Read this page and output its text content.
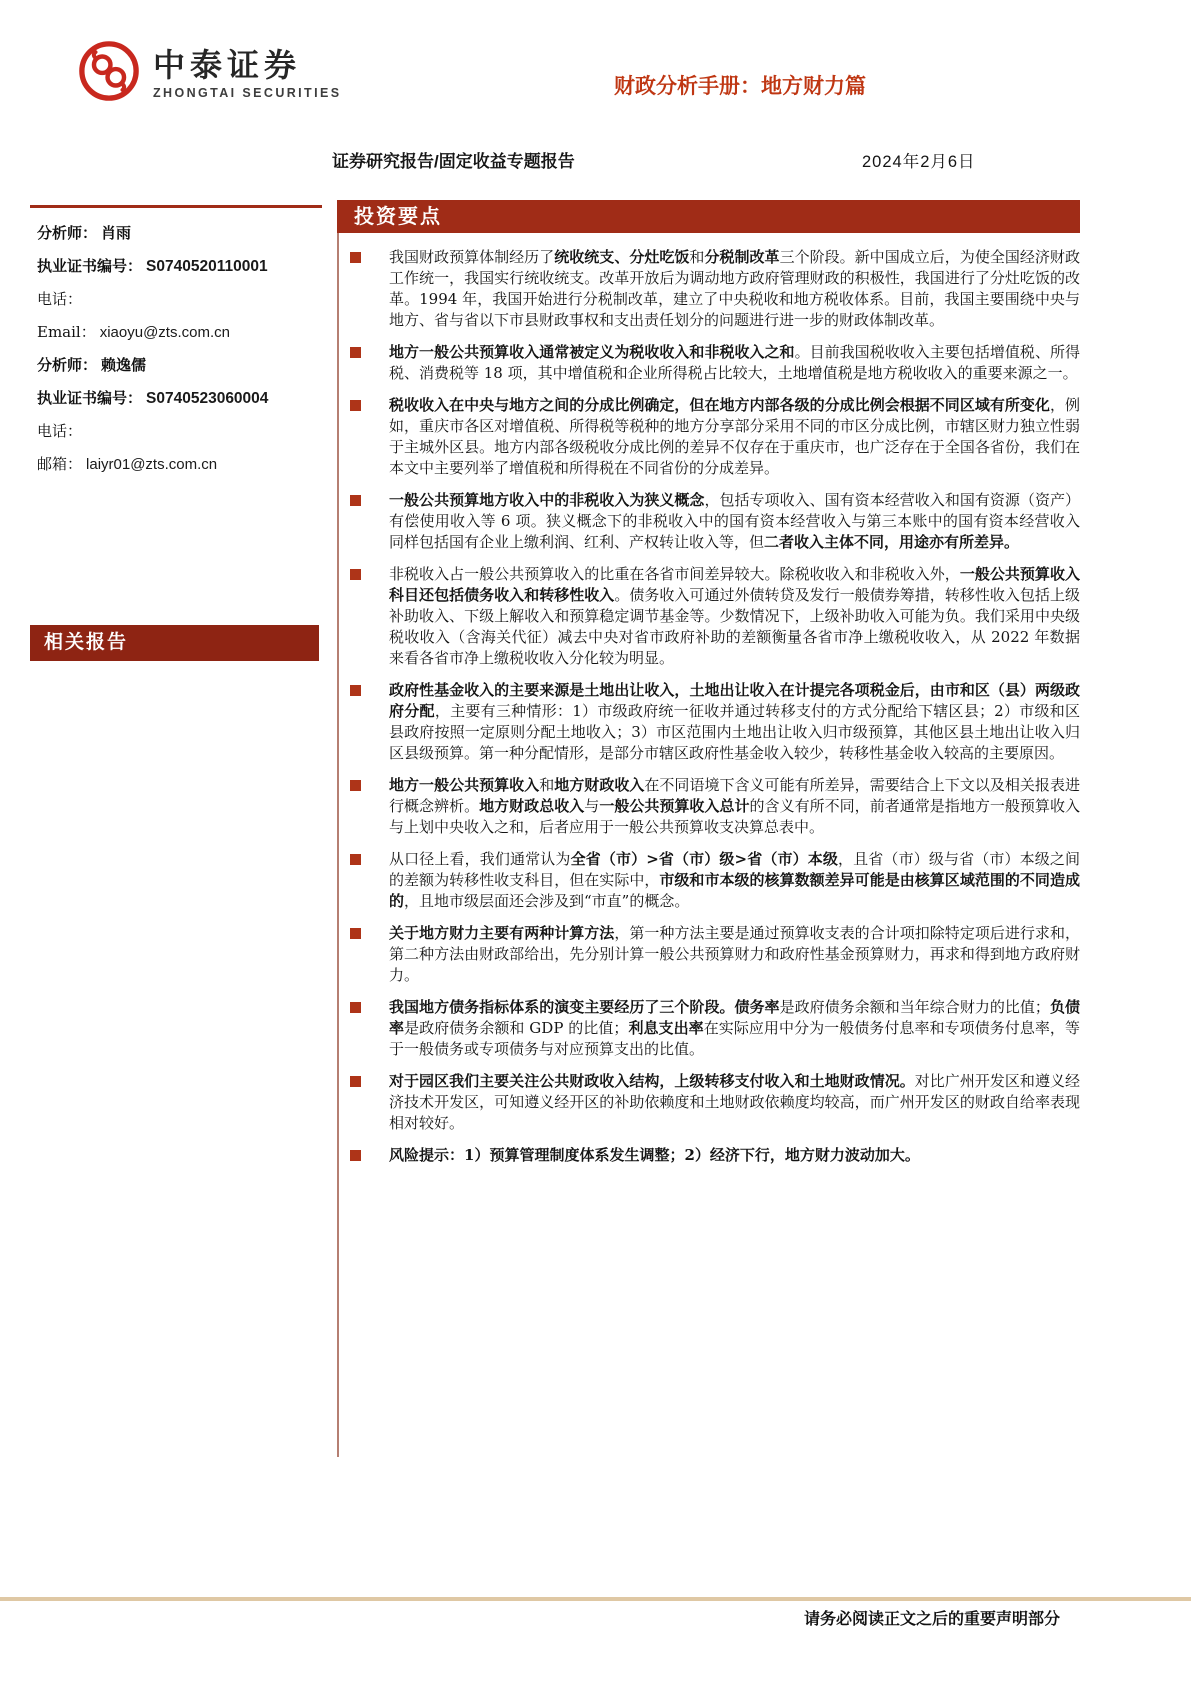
中泰证券
ZHONGTAI SECURITIES	财政分析手册：地方财力篇
证券研究报告/固定收益专题报告	2024年2月6日
分析师： 肖雨
执业证书编号： S0740520110001
电话：
Email： xiaoyu@zts.com.cn
分析师： 赖逸儒
执业证书编号： S0740523060004
电话：
邮箱： laiyr01@zts.com.cn
相关报告
投资要点
我国财政预算体制经历了统收统支、分灶吃饭和分税制改革三个阶段。新中国成立后，为使全国经济财政工作统一，我国实行统收统支。改革开放后为调动地方政府管理财政的积极性，我国进行了分灶吃饭的改革。1994 年，我国开始进行分税制改革，建立了中央税收和地方税收体系。目前，我国主要围绕中央与地方、省与省以下市县财政事权和支出责任划分的问题进行进一步的财政体制改革。
地方一般公共预算收入通常被定义为税收收入和非税收入之和。目前我国税收收入主要包括增值税、所得税、消费税等 18 项，其中增值税和企业所得税占比较大，土地增值税是地方税收收入的重要来源之一。
税收收入在中央与地方之间的分成比例确定，但在地方内部各级的分成比例会根据不同区域有所变化，例如，重庆市各区对增值税、所得税等税种的地方分享部分采用不同的市区分成比例，市辖区财力独立性弱于主城外区县。地方内部各级税收分成比例的差异不仅存在于重庆市，也广泛存在于全国各省份，我们在本文中主要列举了增值税和所得税在不同省份的分成差异。
一般公共预算地方收入中的非税收入为狭义概念，包括专项收入、国有资本经营收入和国有资源（资产）有偿使用收入等 6 项。狭义概念下的非税收入中的国有资本经营收入与第三本账中的国有资本经营收入同样包括国有企业上缴利润、红利、产权转让收入等，但二者收入主体不同，用途亦有所差异。
非税收入占一般公共预算收入的比重在各省市间差异较大。除税收收入和非税收入外，一般公共预算收入科目还包括债务收入和转移性收入。债务收入可通过外债转贷及发行一般债券筹措，转移性收入包括上级补助收入、下级上解收入和预算稳定调节基金等。少数情况下，上级补助收入可能为负。我们采用中央级税收收入（含海关代征）减去中央对省市政府补助的差额衡量各省市净上缴税收收入，从 2022 年数据来看各省市净上缴税收收入分化较为明显。
政府性基金收入的主要来源是土地出让收入，土地出让收入在计提完各项税金后，由市和区（县）两级政府分配，主要有三种情形：1）市级政府统一征收并通过转移支付的方式分配给下辖区县；2）市级和区县政府按照一定原则分配土地收入；3）市区范围内土地出让收入归市级预算，其他区县土地出让收入归区县级预算。第一种分配情形，是部分市辖区政府性基金收入较少，转移性基金收入较高的主要原因。
地方一般公共预算收入和地方财政收入在不同语境下含义可能有所差异，需要结合上下文以及相关报表进行概念辨析。地方财政总收入与一般公共预算收入总计的含义有所不同，前者通常是指地方一般预算收入与上划中央收入之和，后者应用于一般公共预算收支决算总表中。
从口径上看，我们通常认为全省（市）>省（市）级>省（市）本级，且省（市）级与省（市）本级之间的差额为转移性收支科目，但在实际中，市级和市本级的核算数额差异可能是由核算区域范围的不同造成的，且地市级层面还会涉及到“市直”的概念。
关于地方财力主要有两种计算方法，第一种方法主要是通过预算收支表的合计项扣除特定项后进行求和，第二种方法由财政部给出，先分别计算一般公共预算财力和政府性基金预算财力，再求和得到地方政府财力。
我国地方债务指标体系的演变主要经历了三个阶段。债务率是政府债务余额和当年综合财力的比值；负债率是政府债务余额和 GDP 的比值；利息支出率在实际应用中分为一般债务付息率和专项债务付息率，等于一般债务或专项债务与对应预算支出的比值。
对于园区我们主要关注公共财政收入结构，上级转移支付收入和土地财政情况。对比广州开发区和遵义经济技术开发区，可知遵义经开区的补助依赖度和土地财政依赖度均较高，而广州开发区的财政自给率表现相对较好。
风险提示：1）预算管理制度体系发生调整；2）经济下行，地方财力波动加大。
请务必阅读正文之后的重要声明部分
